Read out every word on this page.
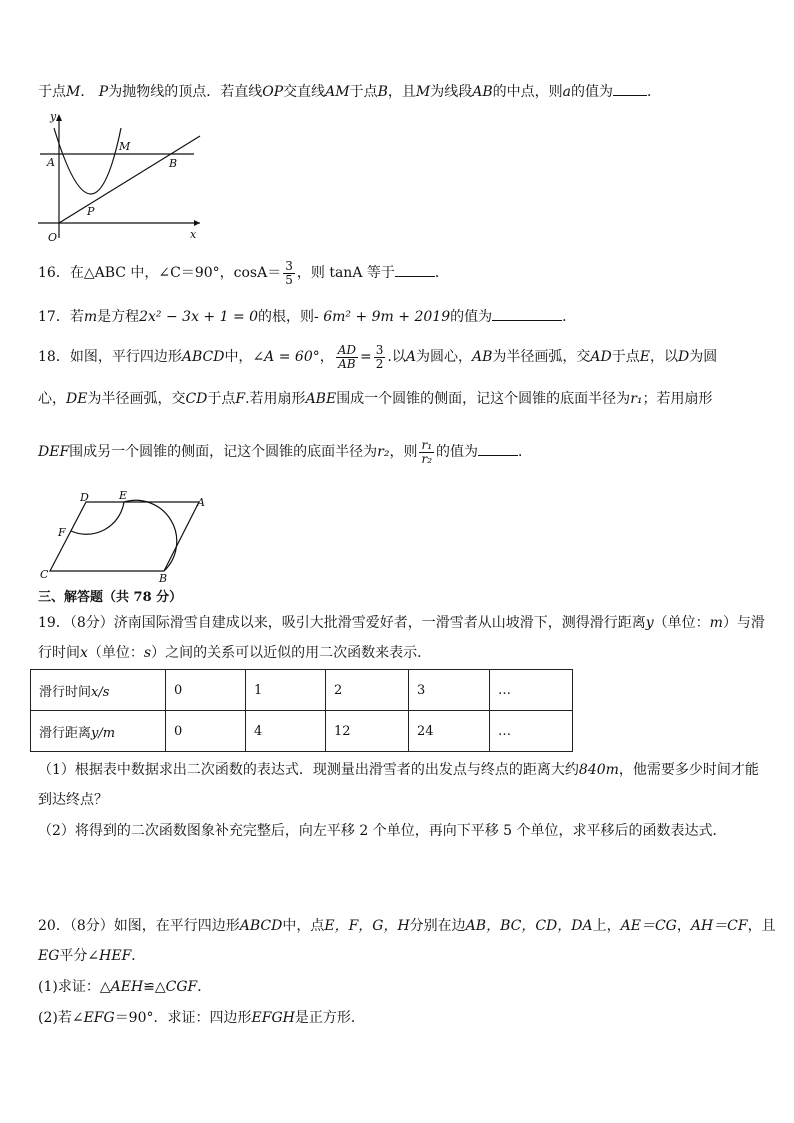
于点M． P为抛物线的顶点．若直线OP交直线AM于点B，且M为线段AB的中点，则a的值为 ．
y
x
O
A
M
B
P
16．在△ABC 中，∠C＝90°，$\cos A= \frac{3}{5}$ ，则 tanA 等于	．
17．若m是方程2x² − 3x + 1 = 0的根，则- 6m² + 9m + 2019的值为	．
18．如图，平行四边形ABCD中，∠A = 60°， $\frac{AD}{AB} = \frac{3}{2}$ .以A为圆心，AB为半径画弧，交AD于点E，以D为圆
心，DE为半径画弧，交CD于点F.若用扇形ABE围成一个圆锥的侧面，记这个圆锥的底面半径为r₁；若用扇形
DEF围成另一个圆锥的侧面，记这个圆锥的底面半径为r₂，则 $\frac{\text{r₁}}{\text{r₂}}$ 的值为	．
D	E
A
F
C	B
三、解答题（共 78 分）
19．（8分）济南国际滑雪自建成以来，吸引大批滑雪爱好者，一滑雪者从山坡滑下，测得滑行距离y（单位：m）与滑
行时间x（单位：s）之间的关系可以近似的用二次函数来表示．
滑行时间x/s	0	1	2	3	…
滑行距离y/m	0	4	12	24	…
（1）根据表中数据求出二次函数的表达式．现测量出滑雪者的出发点与终点的距离大约840m，他需要多少时间才能
到达终点？
（2）将得到的二次函数图象补充完整后，向左平移 2 个单位，再向下平移 5 个单位，求平移后的函数表达式．
20．（8分）如图，在平行四边形ABCD中，点E，F，G，H分别在边AB，BC，CD，DA上，AE＝CG，AH＝CF，且
EG平分∠HEF．
(1)求证：△AEH≌△CGF．
(2)若∠EFG＝90°．求证：四边形EFGH是正方形．
